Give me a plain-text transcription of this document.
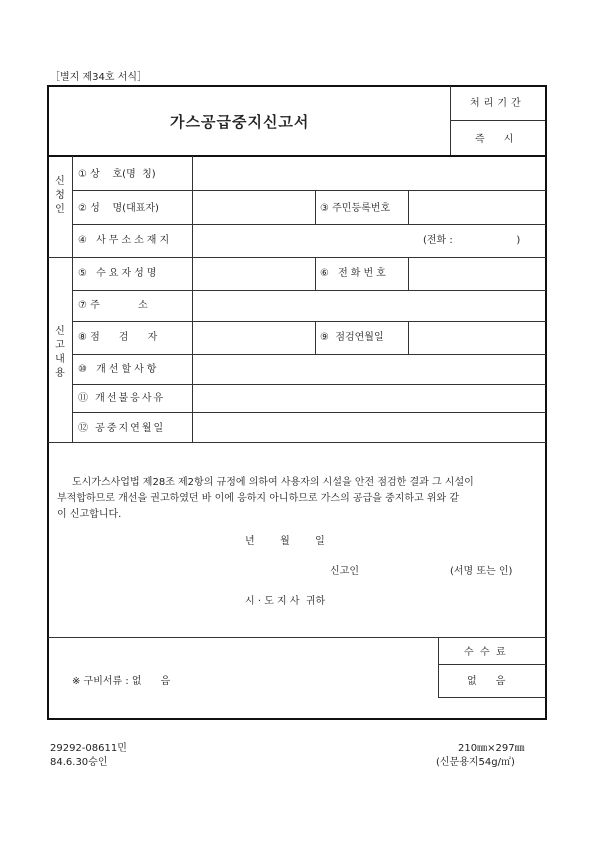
［별지 제34호 서식］
가스공급중지신고서
처리기간
즉      시
신
청
인
① 상    호(명  칭)
② 성    명(대표자)	③ 주민등록번호
④ 사무소소재지	(전화 :                    )
신
고
내
용
⑤ 수요자성명	⑥ 전화번호
⑦ 주            소
⑧ 점      검      자	⑨  점검연월일
⑩ 개선할사항
⑪ 개선불응사유
⑫ 공중지연월일
도시가스사업법 제28조 제2항의 규정에 의하여 사용자의 시설을 안전 점검한 결과 그 시설이
부적합하므로 개선을 권고하였던 바 이에 응하지 아니하므로 가스의 공급을 중지하고 위와 같
이 신고합니다.
년        월        일
신고인	(서명 또는 인)
시 · 도 지 사  귀하
※ 구비서류 : 없      음
수  수  료
없      음
29292-08611민
84.6.30승인
210㎜×297㎜
(신문용지54g/㎡)
